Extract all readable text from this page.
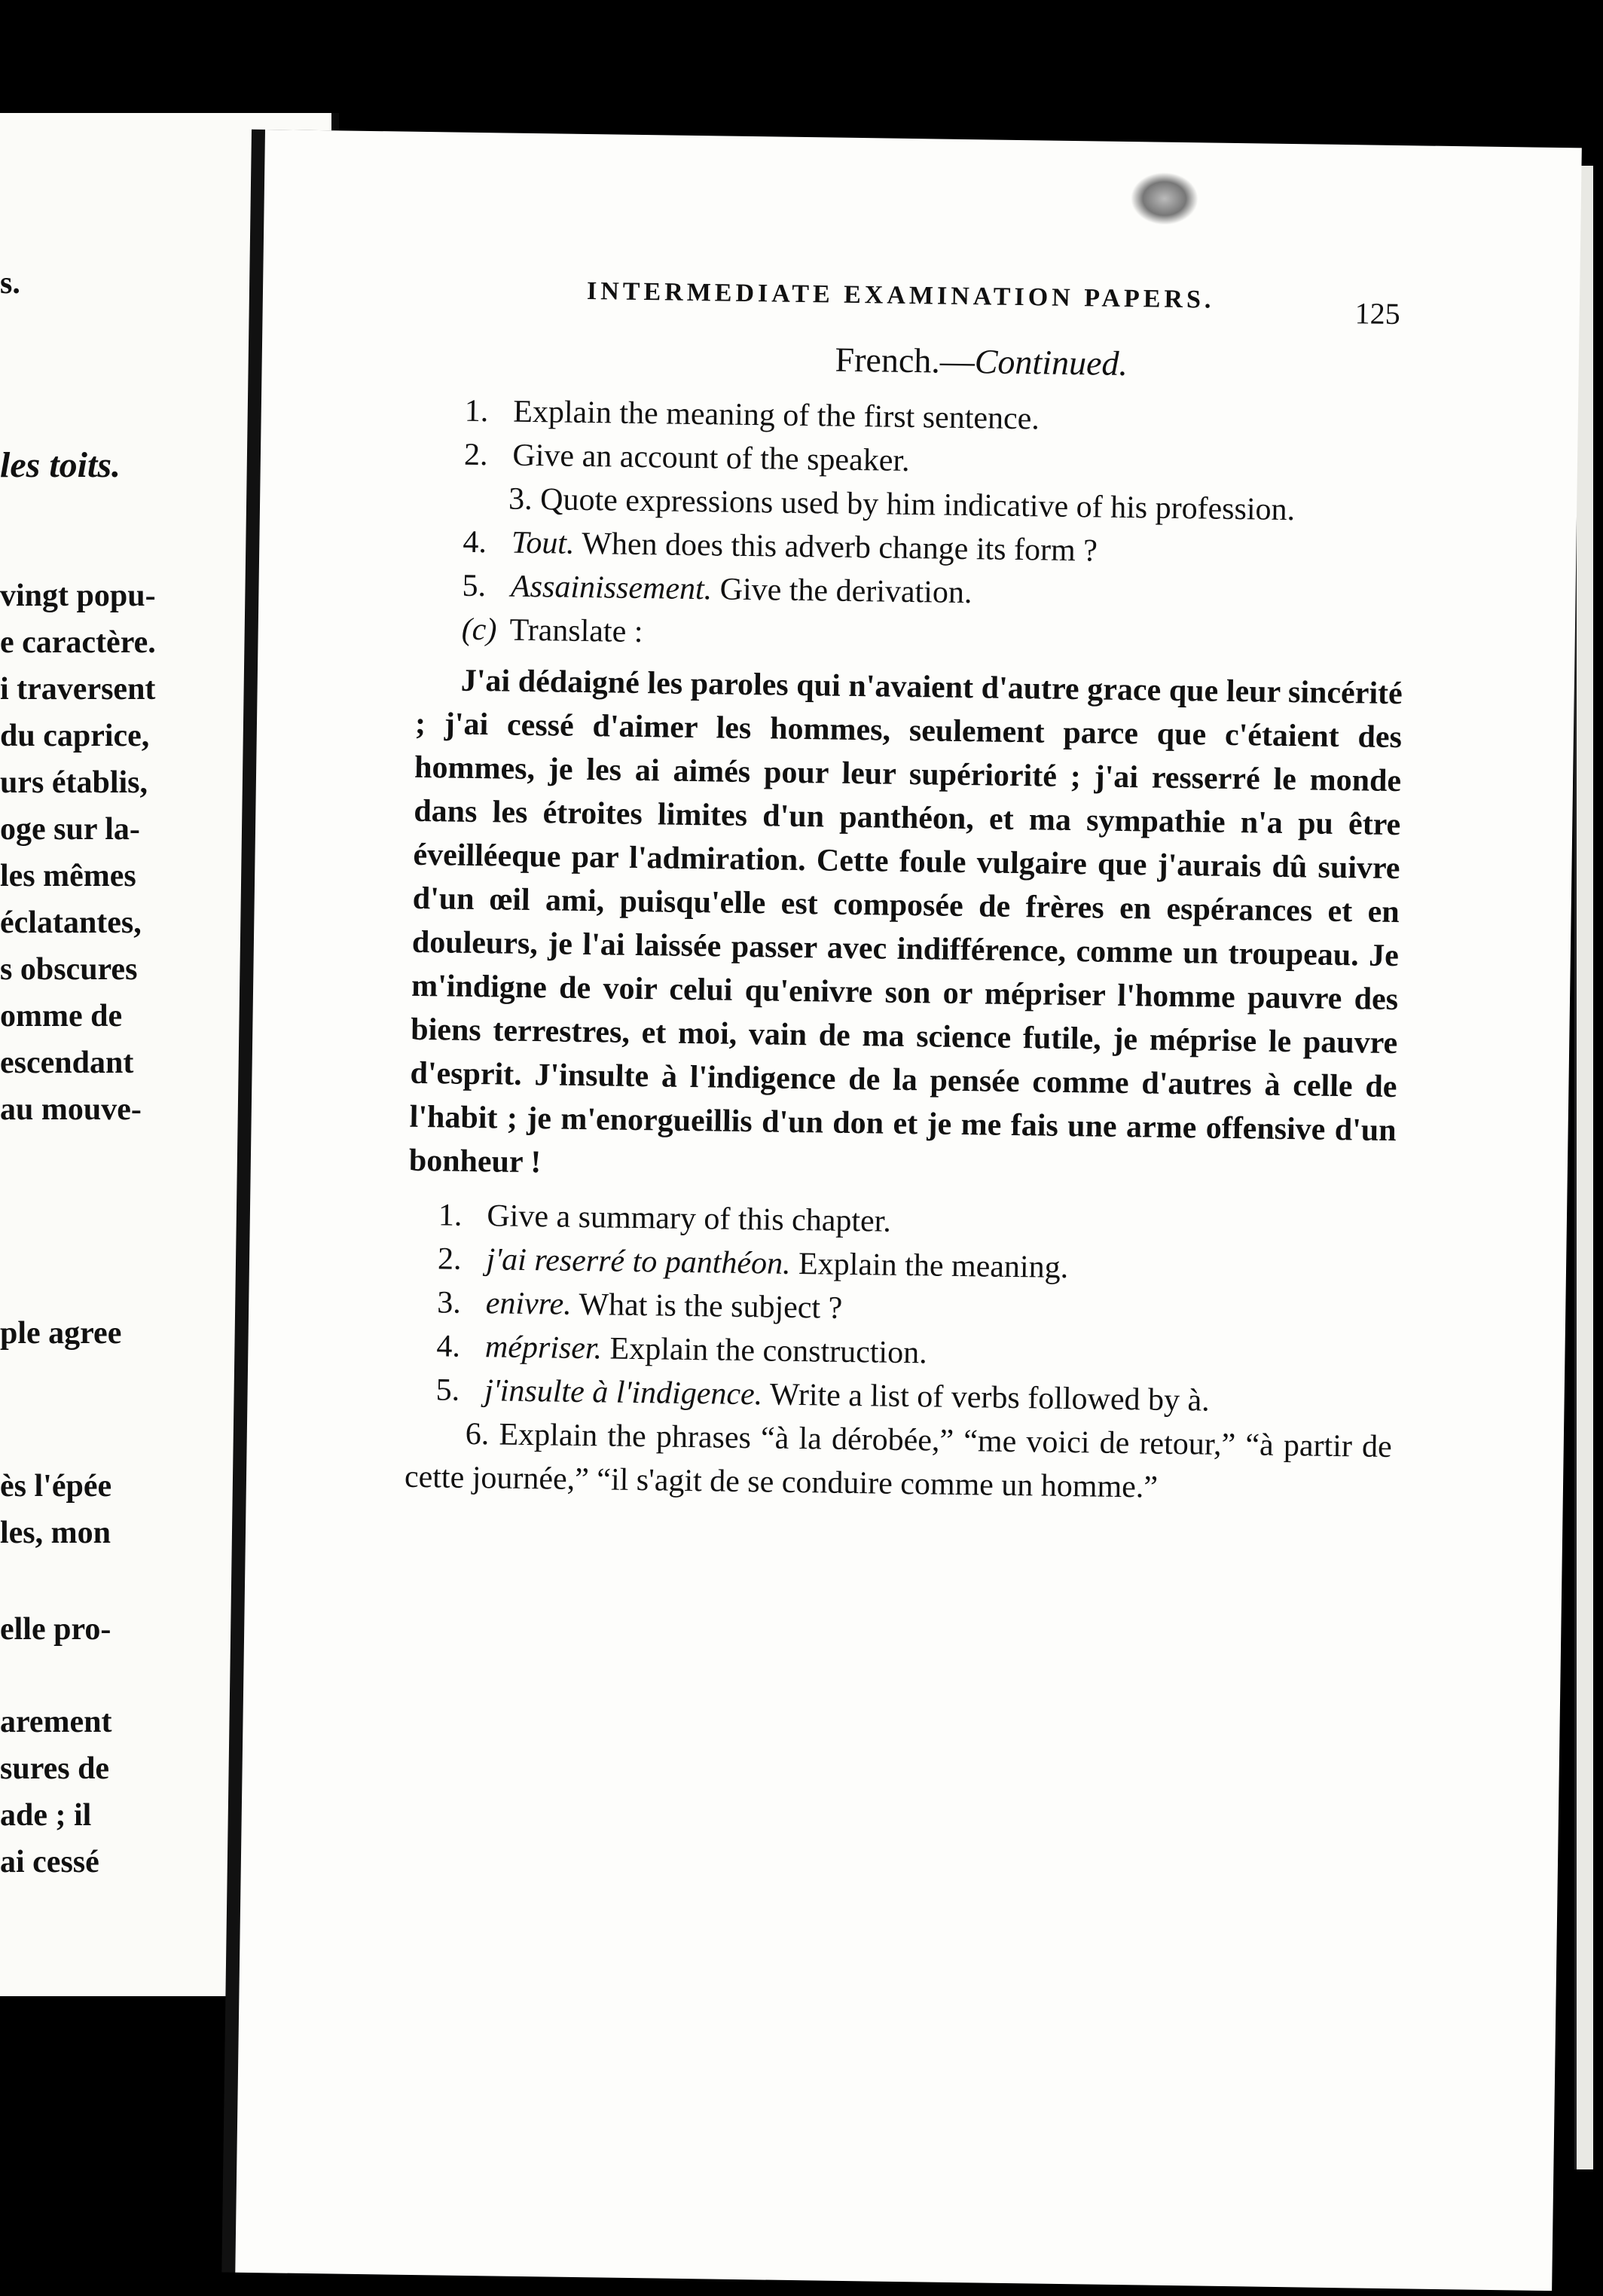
s.
les toits.
vingt popu-
e caractère.
i traversent
du caprice,
urs établis,
oge sur la-
les mêmes
éclatantes,
s obscures
omme de
escendant
au mouve-
ple agree
ès l'épée
les, mon
elle pro-
arement
sures de
ade ; il
ai cessé
INTERMEDIATE EXAMINATION PAPERS.	125
French.—Continued.
1. Explain the meaning of the first sentence.
2. Give an account of the speaker.
3. Quote expressions used by him indicative of his profession.
4. Tout. When does this adverb change its form ?
5. Assainissement. Give the derivation.
(c) Translate :

J'ai dédaigné les paroles qui n'avaient d'autre grace que leur sincérité ; j'ai cessé d'aimer les hommes, seulement parce que c'étaient des hommes, je les ai aimés pour leur supériorité ; j'ai resserré le monde dans les étroites limites d'un panthéon, et ma sympathie n'a pu être éveilléeque par l'admiration. Cette foule vulgaire que j'aurais dû suivre d'un œil ami, puisqu'elle est composée de frères en espérances et en douleurs, je l'ai laissée passer avec indifférence, comme un troupeau. Je m'indigne de voir celui qu'enivre son or mépriser l'homme pauvre des biens terrestres, et moi, vain de ma science futile, je méprise le pauvre d'esprit. J'insulte à l'indigence de la pensée comme d'autres à celle de l'habit ; je m'enorgueillis d'un don et je me fais une arme offensive d'un bonheur !

1. Give a summary of this chapter.
2. j'ai reserré to panthéon. Explain the meaning.
3. enivre. What is the subject ?
4. mépriser. Explain the construction.
5. j'insulte à l'indigence. Write a list of verbs followed by à.
6. Explain the phrases “à la dérobée,” “me voici de retour,” “à partir de cette journée,” “il s'agit de se conduire comme un homme.”
